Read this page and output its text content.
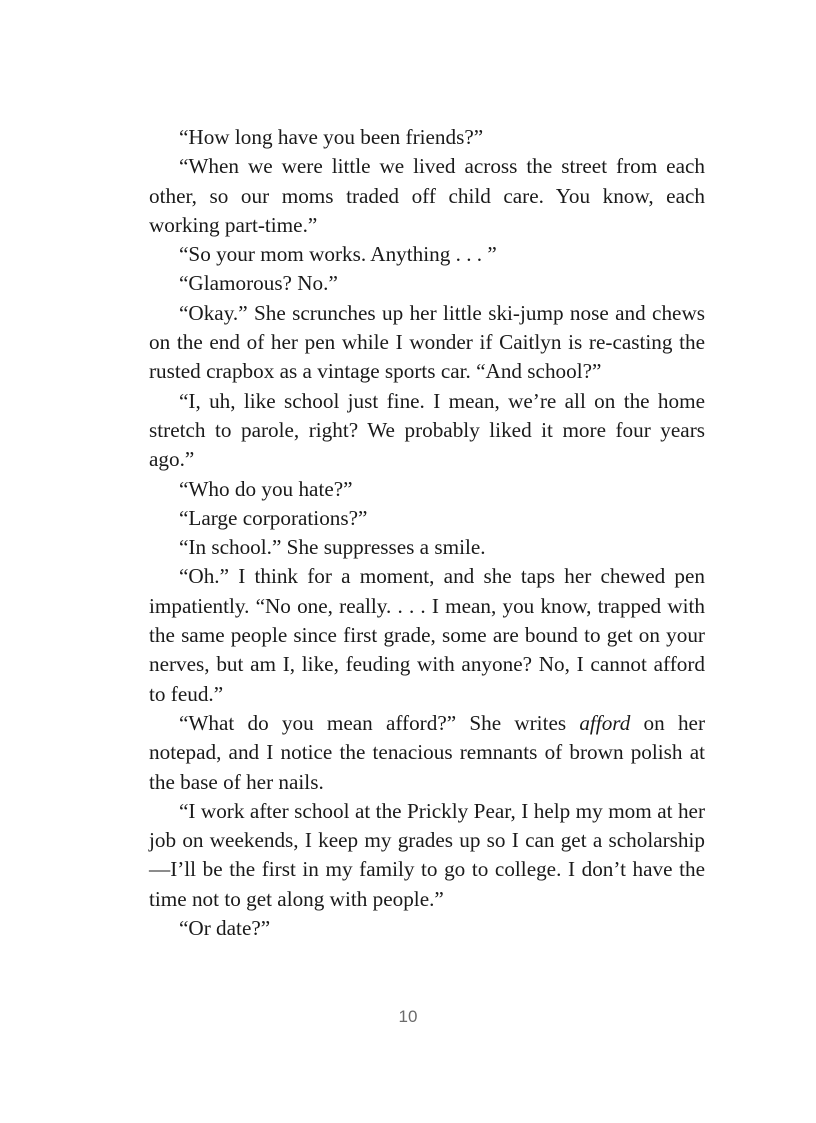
“How long have you been friends?”

“When we were little we lived across the street from each other, so our moms traded off child care. You know, each working part-time.”

“So your mom works. Anything . . . ”

“Glamorous? No.”

“Okay.” She scrunches up her little ski-jump nose and chews on the end of her pen while I wonder if Caitlyn is re-casting the rusted crapbox as a vintage sports car. “And school?”

“I, uh, like school just fine. I mean, we’re all on the home stretch to parole, right? We probably liked it more four years ago.”

“Who do you hate?”

“Large corporations?”

“In school.” She suppresses a smile.

“Oh.” I think for a moment, and she taps her chewed pen impatiently. “No one, really. . . . I mean, you know, trapped with the same people since first grade, some are bound to get on your nerves, but am I, like, feuding with anyone? No, I cannot afford to feud.”

“What do you mean afford?” She writes afford on her notepad, and I notice the tenacious remnants of brown polish at the base of her nails.

“I work after school at the Prickly Pear, I help my mom at her job on weekends, I keep my grades up so I can get a scholarship—I’ll be the first in my family to go to college. I don’t have the time not to get along with people.”

“Or date?”

10
